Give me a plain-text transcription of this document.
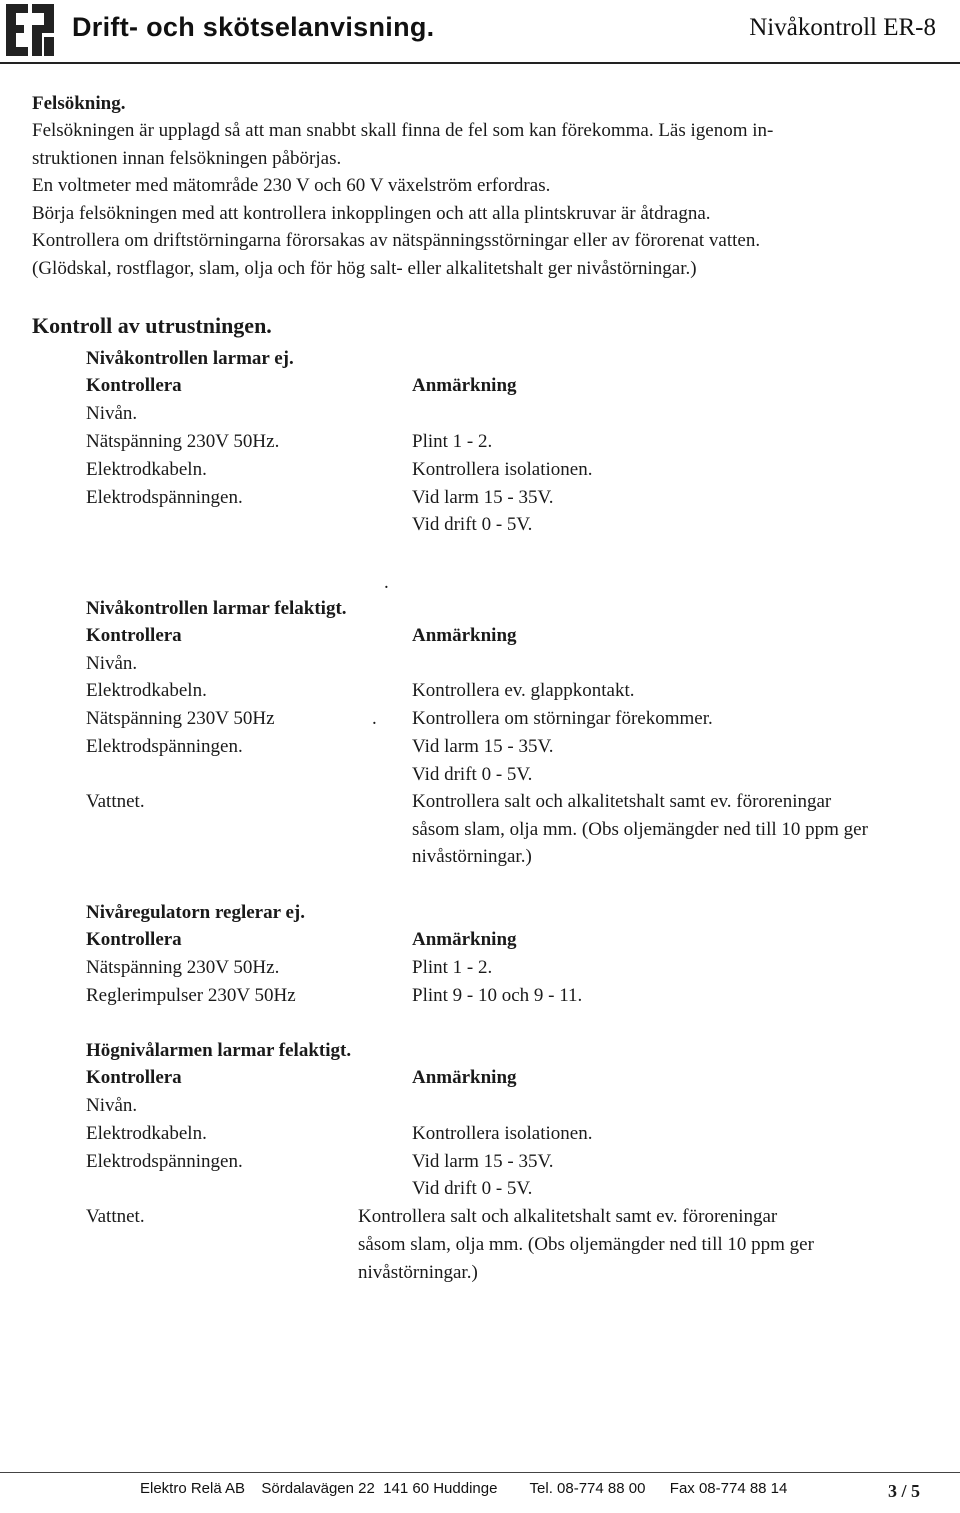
Drift- och skötselanvisning.	Nivåkontroll ER-8
Felsökning.
Felsökningen är upplagd så att man snabbt skall finna de fel som kan förekomma. Läs igenom in-
struktionen innan felsökningen påbörjas.
En voltmeter med mätområde 230 V och 60 V växelström erfordras.
Börja felsökningen med att kontrollera inkopplingen och att alla plintskruvar är åtdragna.
Kontrollera om driftstörningarna förorsakas av nätspänningsstörningar eller av förorenat vatten.
(Glödskal, rostflagor, slam, olja och för hög salt- eller alkalitetshalt ger nivåstörningar.)
Kontroll av utrustningen.
Nivåkontrollen larmar ej.
Kontrollera	Anmärkning
Nivån.
Nätspänning 230V 50Hz.	Plint 1 - 2.
Elektrodkabeln.	Kontrollera isolationen.
Elektrodspänningen.	Vid larm 15 - 35V.
Vid drift 0 - 5V.
.
Nivåkontrollen larmar felaktigt.
Kontrollera	Anmärkning
Nivån.
Elektrodkabeln.	Kontrollera ev. glappkontakt.
Nätspänning 230V 50Hz	. Kontrollera om störningar förekommer.
Elektrodspänningen.	Vid larm 15 - 35V.
Vid drift 0 - 5V.
Vattnet.	Kontrollera salt och alkalitetshalt samt ev. föroreningar
såsom slam, olja mm. (Obs oljemängder ned till 10 ppm ger
nivåstörningar.)
Nivåregulatorn reglerar ej.
Kontrollera	Anmärkning
Nätspänning 230V 50Hz.	Plint 1 - 2.
Reglerimpulser 230V 50Hz	Plint 9 - 10 och 9 - 11.
Högnivålarmen larmar felaktigt.
Kontrollera	Anmärkning
Nivån.
Elektrodkabeln.	Kontrollera isolationen.
Elektrodspänningen.	Vid larm 15 - 35V.
Vid drift 0 - 5V.
Vattnet.	Kontrollera salt och alkalitetshalt samt ev. föroreningar
såsom slam, olja mm. (Obs oljemängder ned till 10 ppm ger
nivåstörningar.)
Elektro Relä AB Sördalavägen 22  141 60 Huddinge Tel. 08-774 88 00 Fax 08-774 88 14	3 / 5
